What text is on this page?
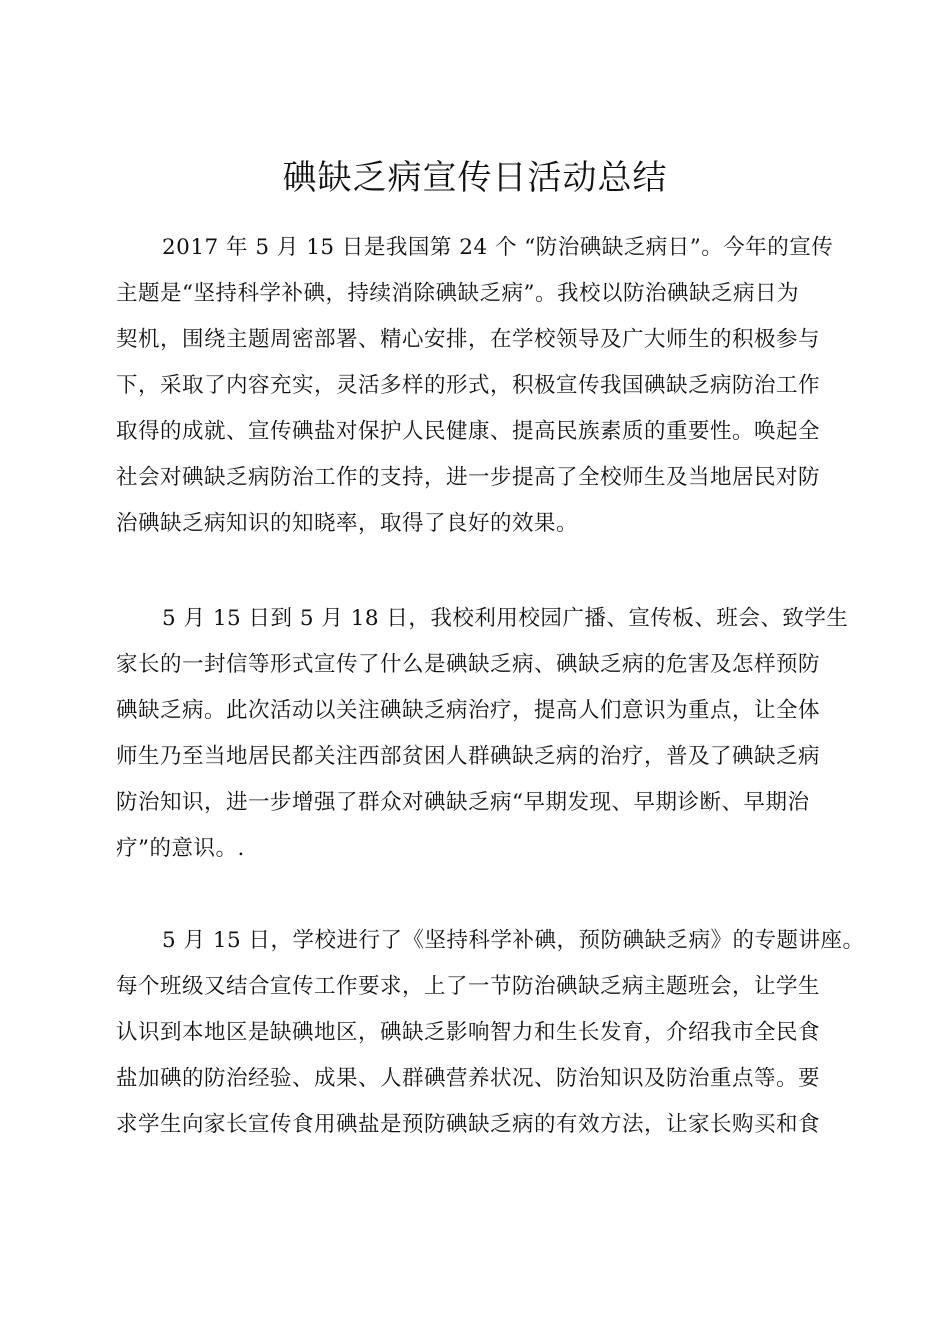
碘缺乏病宣传日活动总结
2017 年 5 月 15 日是我国第 24 个 “防治碘缺乏病日”。今年的宣传
主题是“坚持科学补碘，持续消除碘缺乏病”。我校以防治碘缺乏病日为
契机，围绕主题周密部署、精心安排，在学校领导及广大师生的积极参与
下，采取了内容充实，灵活多样的形式，积极宣传我国碘缺乏病防治工作
取得的成就、宣传碘盐对保护人民健康、提高民族素质的重要性。唤起全
社会对碘缺乏病防治工作的支持，进一步提高了全校师生及当地居民对防
治碘缺乏病知识的知晓率，取得了良好的效果。
5 月 15 日到 5 月 18 日，我校利用校园广播、宣传板、班会、致学生
家长的一封信等形式宣传了什么是碘缺乏病、碘缺乏病的危害及怎样预防
碘缺乏病。此次活动以关注碘缺乏病治疗，提高人们意识为重点，让全体
师生乃至当地居民都关注西部贫困人群碘缺乏病的治疗，普及了碘缺乏病
防治知识，进一步增强了群众对碘缺乏病“早期发现、早期诊断、早期治
疗”的意识。.
5 月 15 日，学校进行了《坚持科学补碘，预防碘缺乏病》的专题讲座。
每个班级又结合宣传工作要求，上了一节防治碘缺乏病主题班会，让学生
认识到本地区是缺碘地区，碘缺乏影响智力和生长发育，介绍我市全民食
盐加碘的防治经验、成果、人群碘营养状况、防治知识及防治重点等。要
求学生向家长宣传食用碘盐是预防碘缺乏病的有效方法，让家长购买和食
